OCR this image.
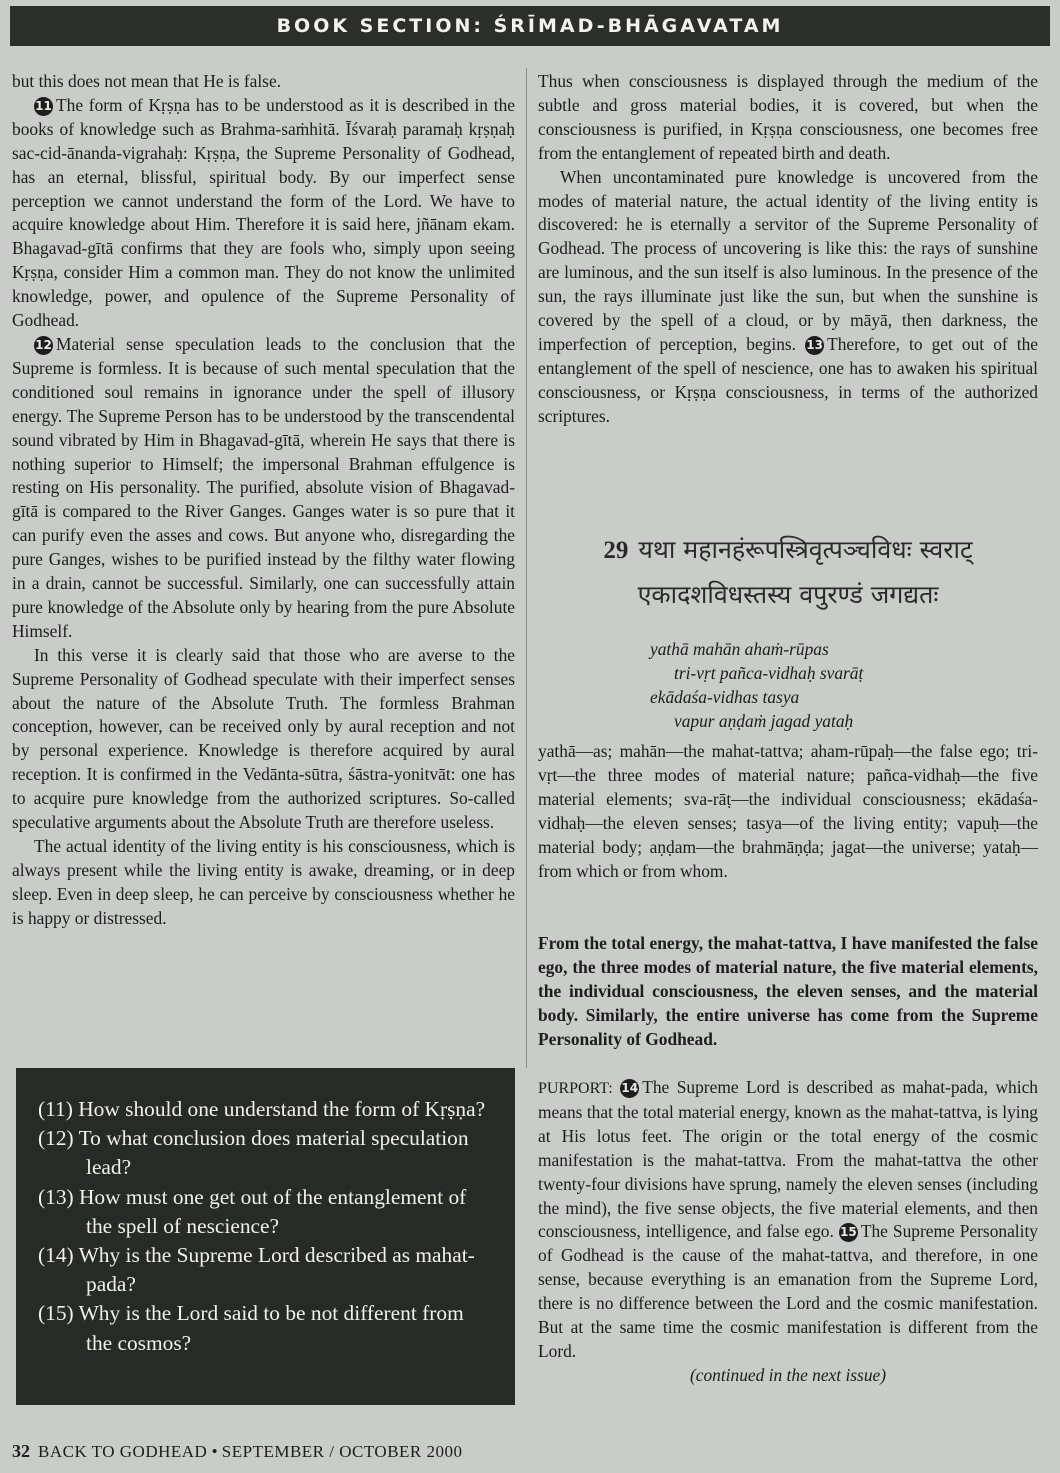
BOOK SECTION: ŚRĪMAD-BHĀGAVATAM

but this does not mean that He is false.

11 The form of Kṛṣṇa has to be understood as it is described in the books of knowledge such as Brahma-saṁhitā. Īśvaraḥ paramaḥ kṛṣṇaḥ sac-cid-ānanda-vigrahaḥ: Kṛṣṇa, the Supreme Personality of Godhead, has an eternal, blissful, spiritual body. By our imperfect sense perception we cannot understand the form of the Lord. We have to acquire knowledge about Him. Therefore it is said here, jñānam ekam. Bhagavad-gītā confirms that they are fools who, simply upon seeing Kṛṣṇa, consider Him a common man. They do not know the unlimited knowledge, power, and opulence of the Supreme Personality of Godhead.

12 Material sense speculation leads to the conclusion that the Supreme is formless. It is because of such mental speculation that the conditioned soul remains in ignorance under the spell of illusory energy. The Supreme Person has to be understood by the transcendental sound vibrated by Him in Bhagavad-gītā, wherein He says that there is nothing superior to Himself; the impersonal Brahman effulgence is resting on His personality. The purified, absolute vision of Bhagavad-gītā is compared to the River Ganges. Ganges water is so pure that it can purify even the asses and cows. But anyone who, disregarding the pure Ganges, wishes to be purified instead by the filthy water flowing in a drain, cannot be successful. Similarly, one can successfully attain pure knowledge of the Absolute only by hearing from the pure Absolute Himself.

In this verse it is clearly said that those who are averse to the Supreme Personality of Godhead speculate with their imperfect senses about the nature of the Absolute Truth. The formless Brahman conception, however, can be received only by aural reception and not by personal experience. Knowledge is therefore acquired by aural reception. It is confirmed in the Vedānta-sūtra, śāstra-yonitvāt: one has to acquire pure knowledge from the authorized scriptures. So-called speculative arguments about the Absolute Truth are therefore useless.

The actual identity of the living entity is his consciousness, which is always present while the living entity is awake, dreaming, or in deep sleep. Even in deep sleep, he can perceive by consciousness whether he is happy or distressed.

(11) How should one understand the form of Kṛṣṇa?
(12) To what conclusion does material speculation lead?
(13) How must one get out of the entanglement of the spell of nescience?
(14) Why is the Supreme Lord described as mahat-pada?
(15) Why is the Lord said to be not different from the cosmos?

Thus when consciousness is displayed through the medium of the subtle and gross material bodies, it is covered, but when the consciousness is purified, in Kṛṣṇa consciousness, one becomes free from the entanglement of repeated birth and death.

When uncontaminated pure knowledge is uncovered from the modes of material nature, the actual identity of the living entity is discovered: he is eternally a servitor of the Supreme Personality of Godhead. The process of uncovering is like this: the rays of sunshine are luminous, and the sun itself is also luminous. In the presence of the sun, the rays illuminate just like the sun, but when the sunshine is covered by the spell of a cloud, or by māyā, then darkness, the imperfection of perception, begins. 13 Therefore, to get out of the entanglement of the spell of nescience, one has to awaken his spiritual consciousness, or Kṛṣṇa consciousness, in terms of the authorized scriptures.

29 यथा महानहंरूपस्त्रिवृत्पञ्चविधः स्वराट्
एकादशविधस्तस्य वपुरण्डं जगद्यतः
yathā mahān ahaṁ-rūpas
tri-vṛt pañca-vidhaḥ svarāṭ
ekādaśa-vidhas tasya
vapur aṇḍaṁ jagad yataḥ
yathā—as; mahān—the mahat-tattva; aham-rūpaḥ—the false ego; tri-vṛt—the three modes of material nature; pañca-vidhaḥ—the five material elements; sva-rāṭ—the individual consciousness; ekādaśa-vidhaḥ—the eleven senses; tasya—of the living entity; vapuḥ—the material body; aṇḍam—the brahmāṇḍa; jagat—the universe; yataḥ—from which or from whom.
From the total energy, the mahat-tattva, I have manifested the false ego, the three modes of material nature, the five material elements, the individual consciousness, the eleven senses, and the material body. Similarly, the entire universe has come from the Supreme Personality of Godhead.
PURPORT: 14 The Supreme Lord is described as mahat-pada, which means that the total material energy, known as the mahat-tattva, is lying at His lotus feet. The origin or the total energy of the cosmic manifestation is the mahat-tattva. From the mahat-tattva the other twenty-four divisions have sprung, namely the eleven senses (including the mind), the five sense objects, the five material elements, and then consciousness, intelligence, and false ego. 15 The Supreme Personality of Godhead is the cause of the mahat-tattva, and therefore, in one sense, because everything is an emanation from the Supreme Lord, there is no difference between the Lord and the cosmic manifestation. But at the same time the cosmic manifestation is different from the Lord.
(continued in the next issue)
32 BACK TO GODHEAD • SEPTEMBER / OCTOBER 2000
